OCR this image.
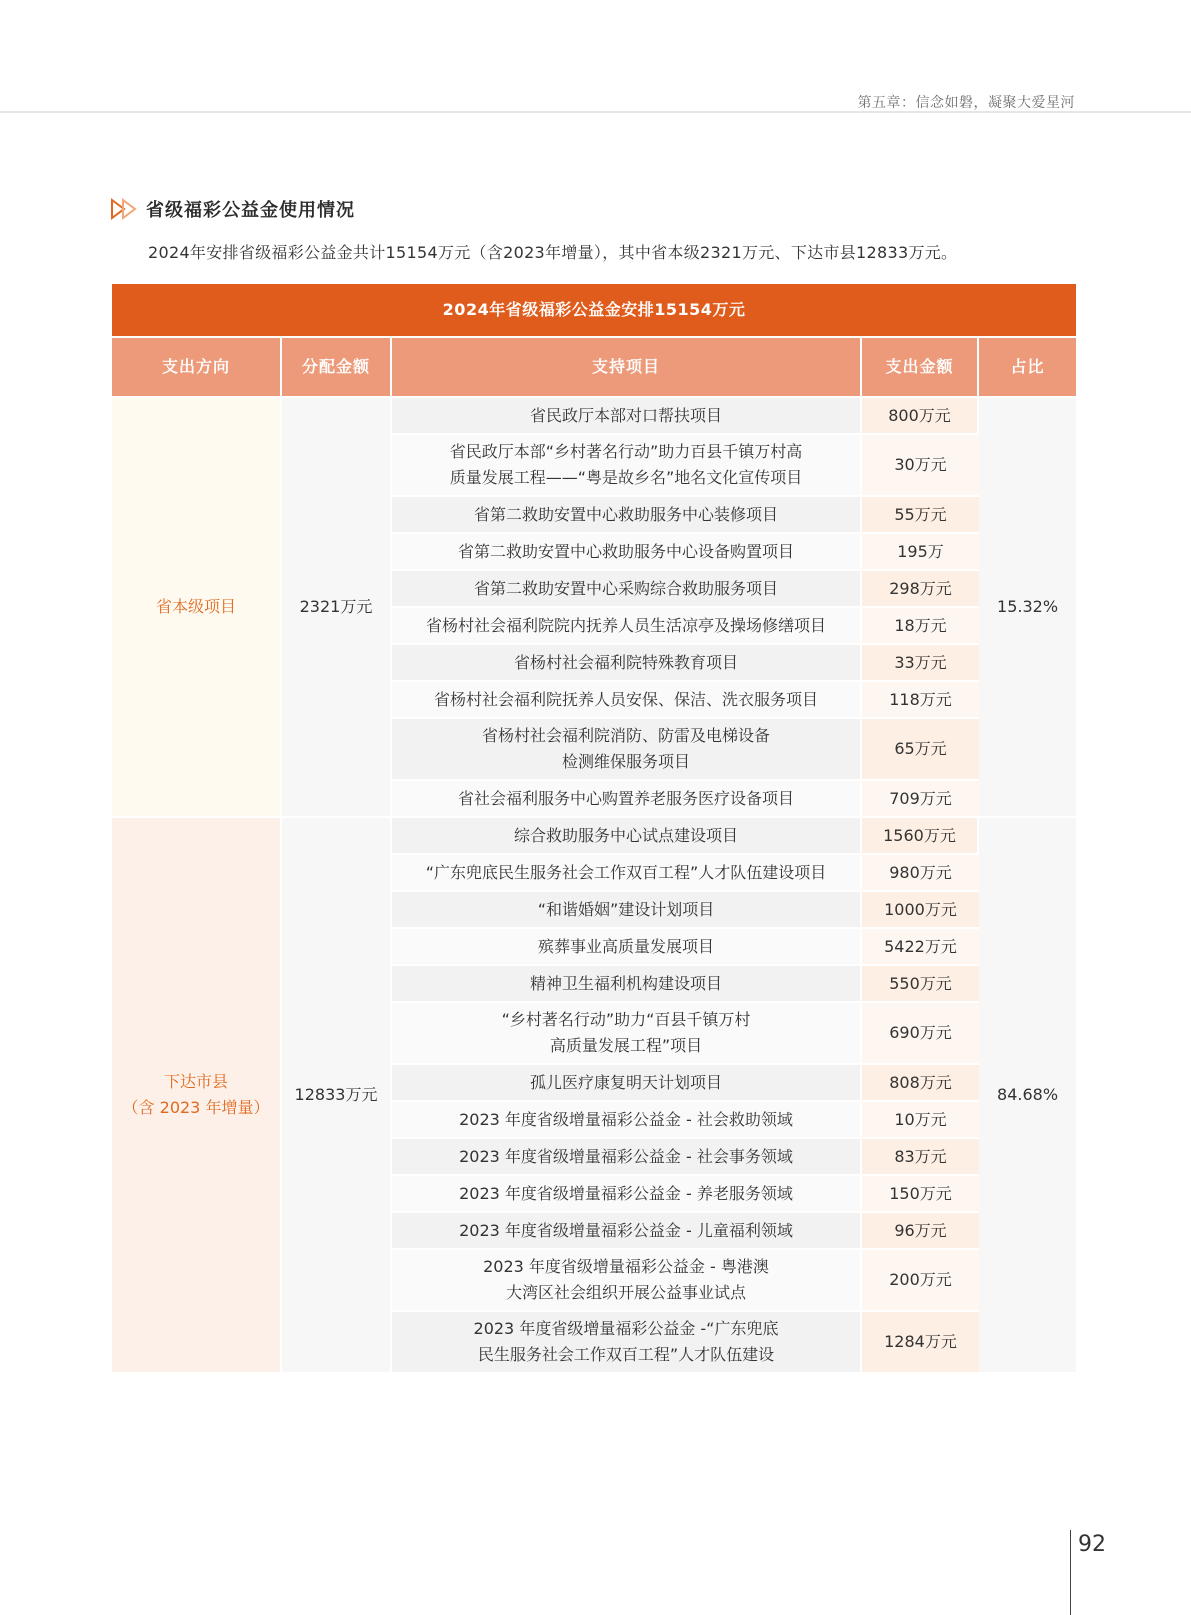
第五章：信念如磐，凝聚大爱星河
省级福彩公益金使用情况
2024年安排省级福彩公益金共计15154万元（含2023年增量），其中省本级2321万元、下达市县12833万元。
2024年省级福彩公益金安排15154万元				
支出方向	分配金额	支持项目	支出金额	占比
省本级项目	2321万元	省民政厅本部对口帮扶项目	800万元	15.32%
		省民政厅本部“乡村著名行动”助力百县千镇万村高
质量发展工程——“粤是故乡名”地名文化宣传项目	30万元	
		省第二救助安置中心救助服务中心装修项目	55万元	
		省第二救助安置中心救助服务中心设备购置项目	195万	
		省第二救助安置中心采购综合救助服务项目	298万元	
		省杨村社会福利院院内抚养人员生活凉亭及操场修缮项目	18万元	
		省杨村社会福利院特殊教育项目	33万元	
		省杨村社会福利院抚养人员安保、保洁、洗衣服务项目	118万元	
		省杨村社会福利院消防、防雷及电梯设备
检测维保服务项目	65万元	
		省社会福利服务中心购置养老服务医疗设备项目	709万元	
下达市县
（含 2023 年增量）	12833万元	综合救助服务中心试点建设项目	1560万元	84.68%
		“广东兜底民生服务社会工作双百工程”人才队伍建设项目	980万元	
		“和谐婚姻”建设计划项目	1000万元	
		殡葬事业高质量发展项目	5422万元	
		精神卫生福利机构建设项目	550万元	
		“乡村著名行动”助力“百县千镇万村
高质量发展工程”项目	690万元	
		孤儿医疗康复明天计划项目	808万元	
		2023 年度省级增量福彩公益金 - 社会救助领域	10万元	
		2023 年度省级增量福彩公益金 - 社会事务领域	83万元	
		2023 年度省级增量福彩公益金 - 养老服务领域	150万元	
		2023 年度省级增量福彩公益金 - 儿童福利领域	96万元	
		2023 年度省级增量福彩公益金 - 粤港澳
大湾区社会组织开展公益事业试点	200万元	
		2023 年度省级增量福彩公益金 -“广东兜底
民生服务社会工作双百工程”人才队伍建设	1284万元	
92
